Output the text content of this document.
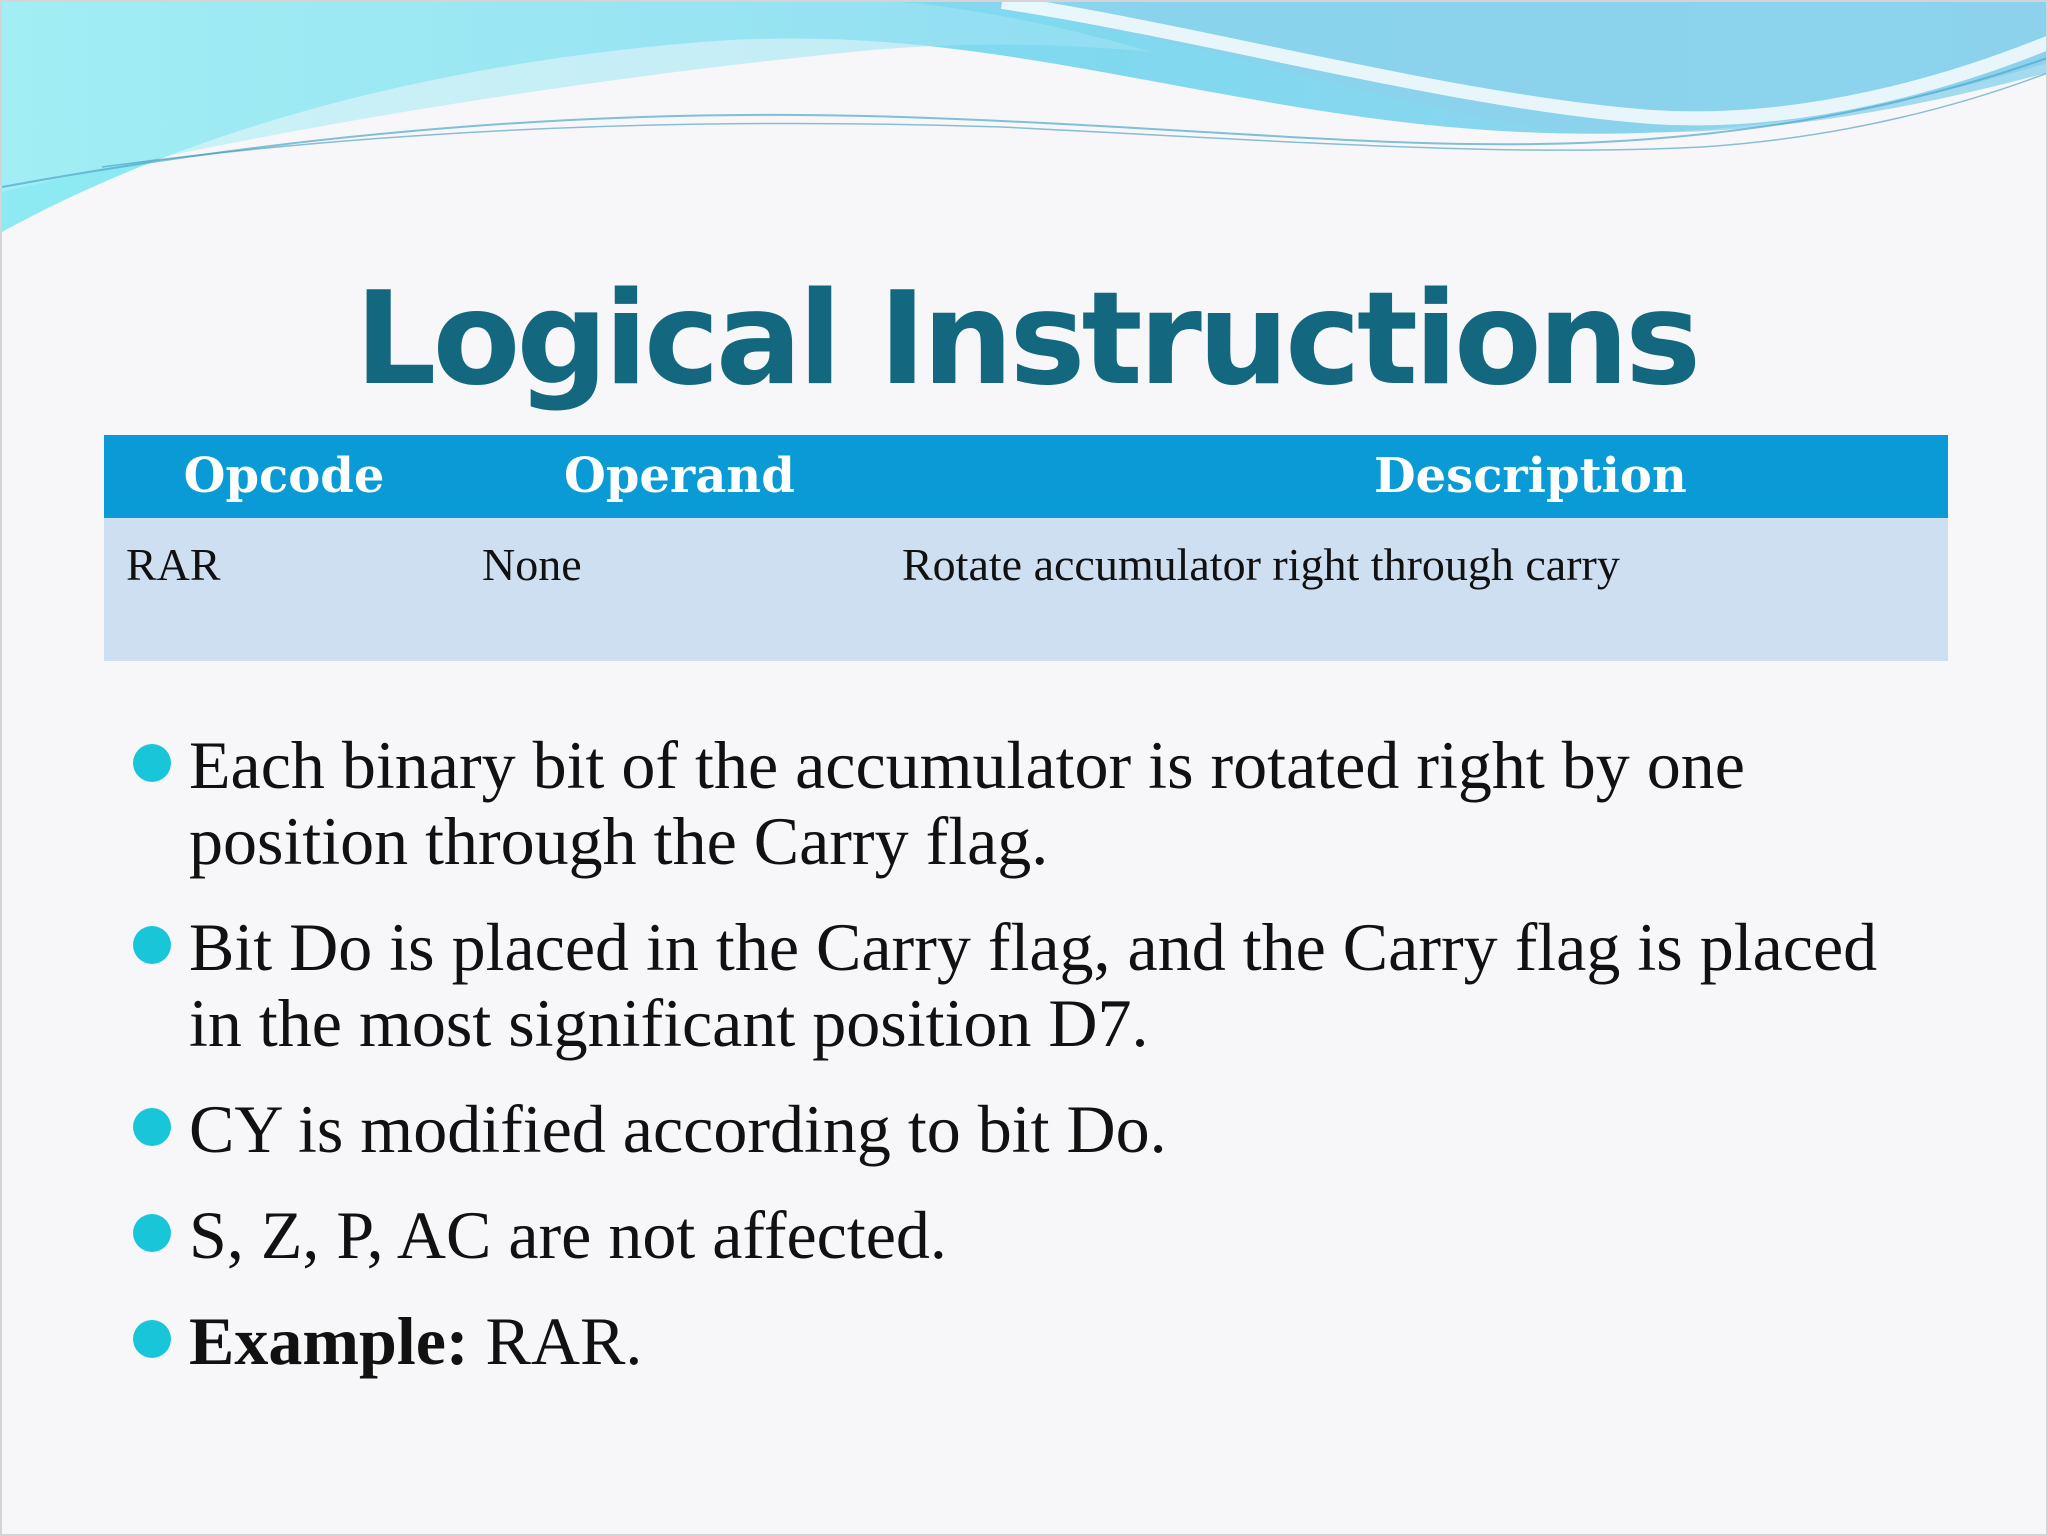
Logical Instructions
Opcode	Operand	Description
RAR	None	Rotate accumulator right through carry
Each binary bit of the accumulator is rotated right by one position through the Carry flag.
Bit Do is placed in the Carry flag, and the Carry flag is placed in the most significant position D7.
CY is modified according to bit Do.
S, Z, P, AC are not affected.
Example: RAR.
